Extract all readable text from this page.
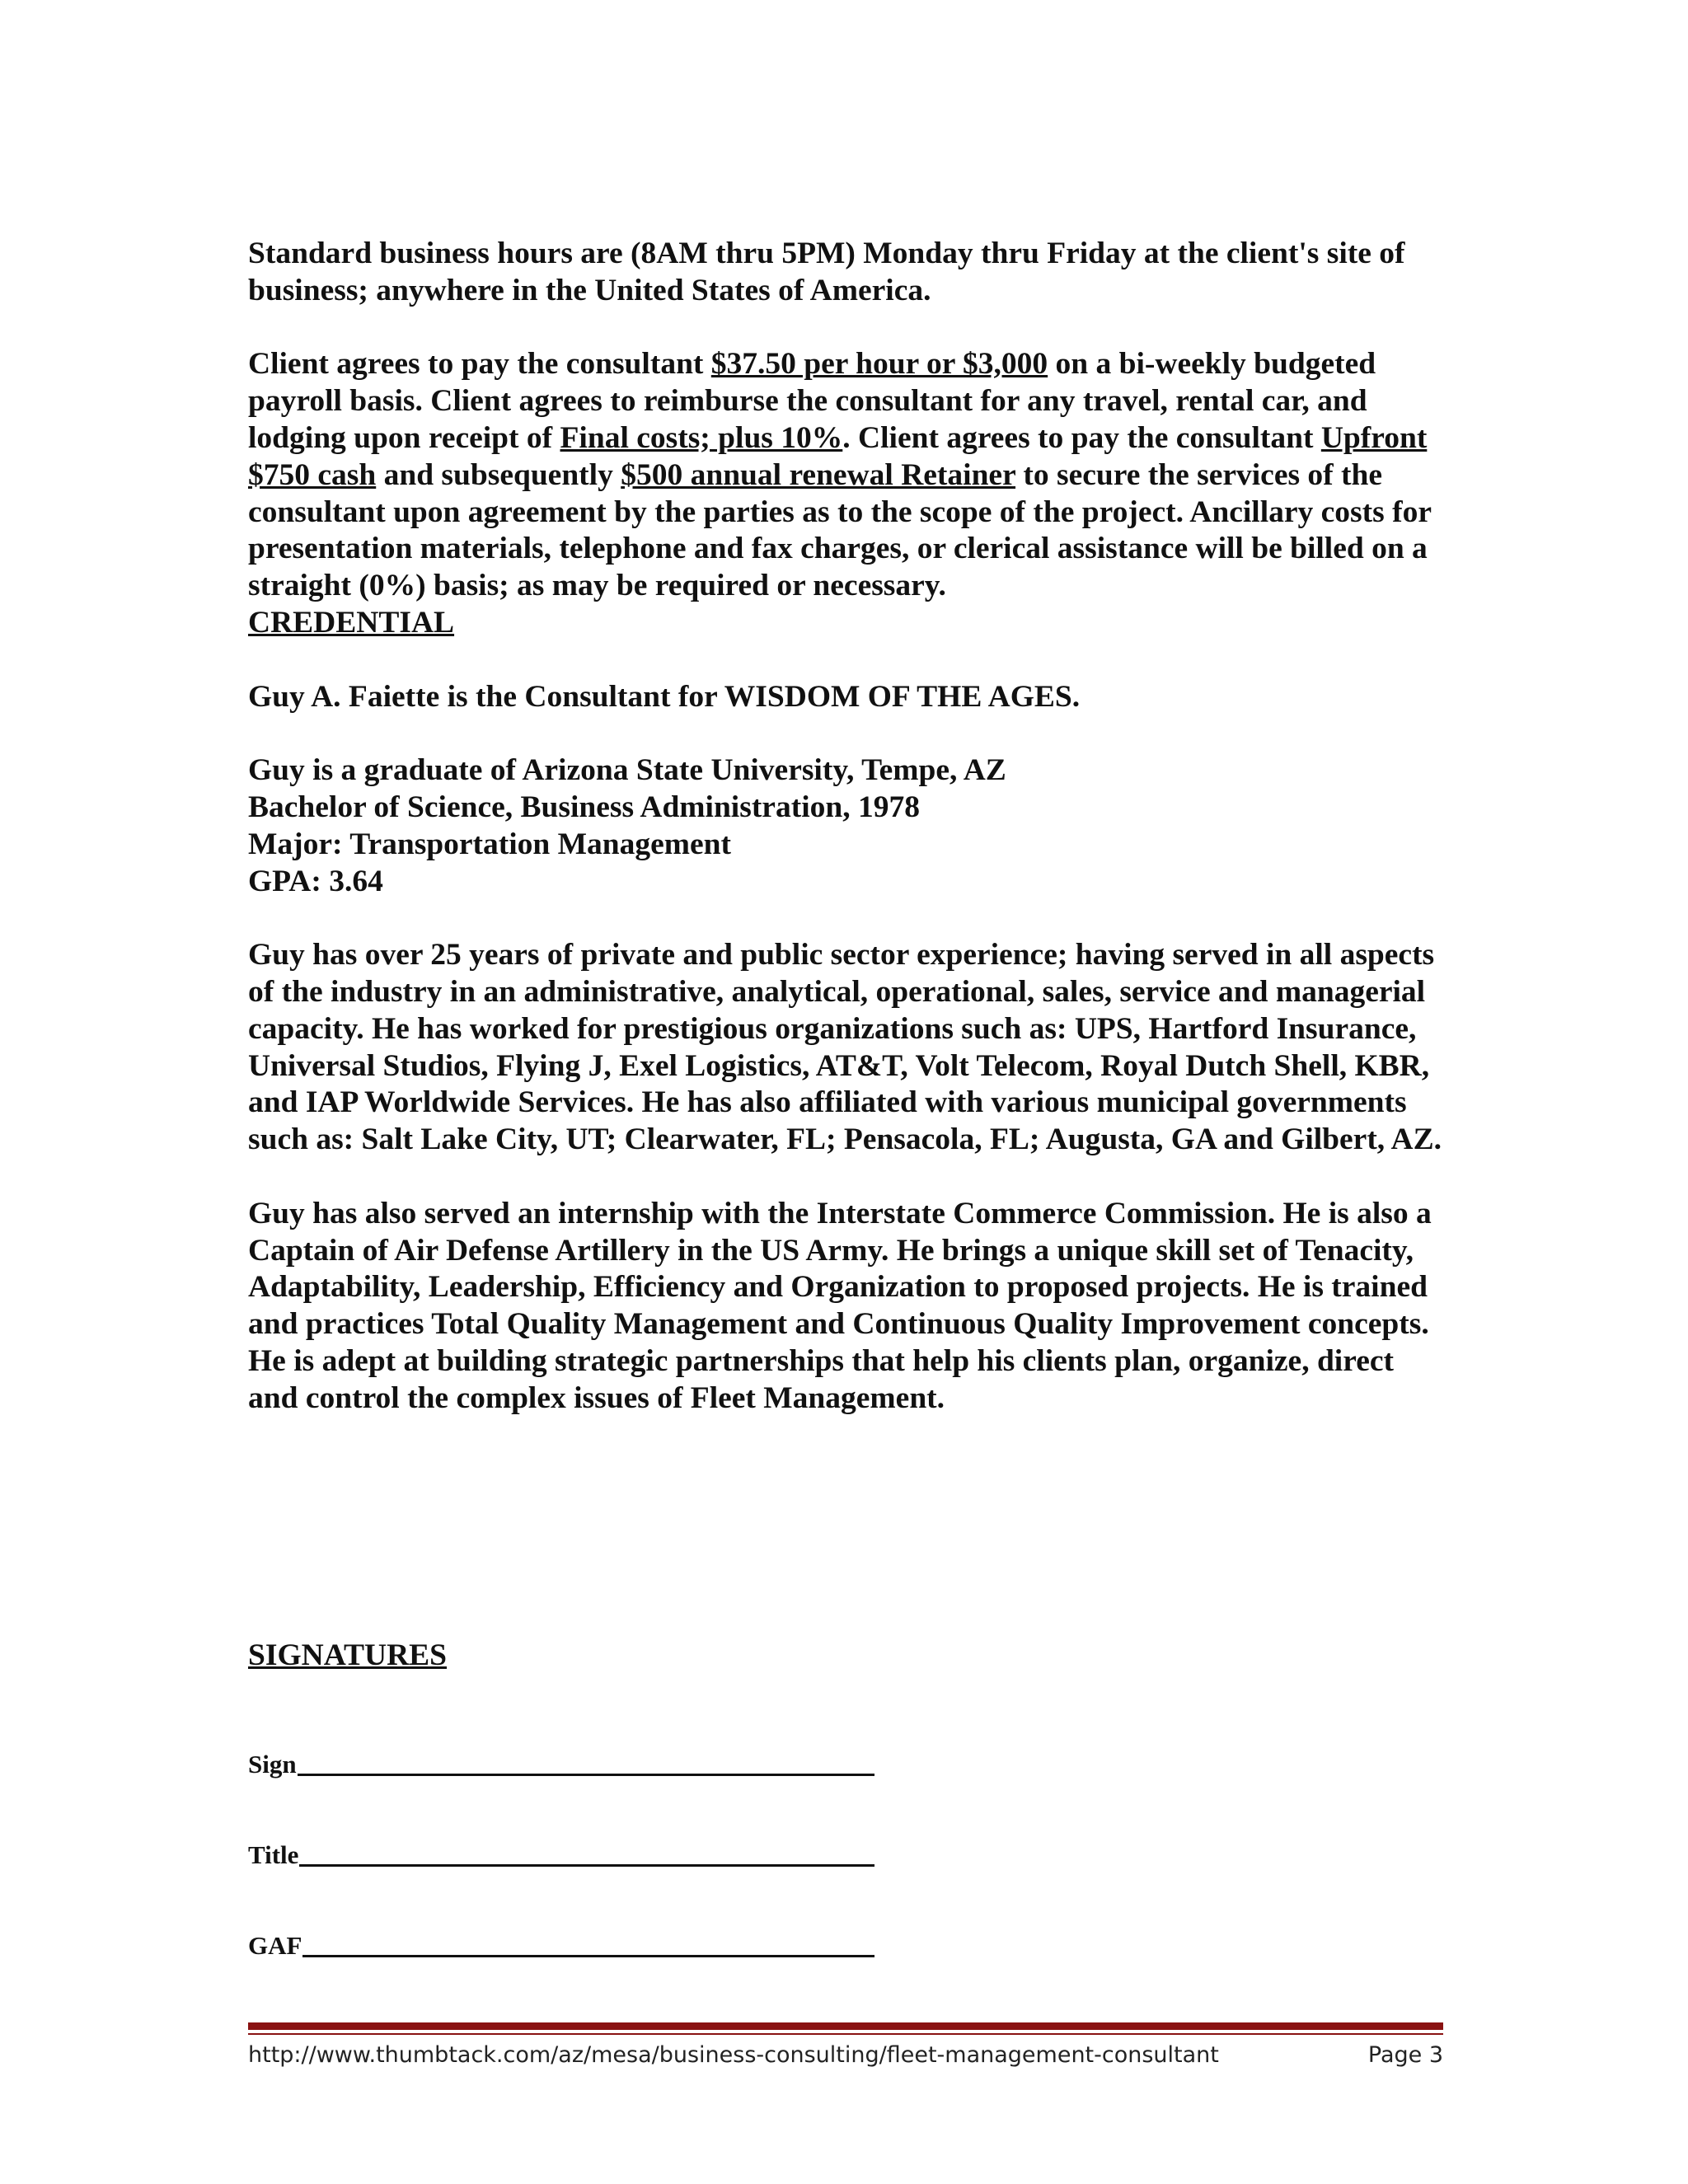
Standard business hours are (8AM thru 5PM) Monday thru Friday at the client's site of business; anywhere in the United States of America.

Client agrees to pay the consultant $37.50 per hour or $3,000 on a bi-weekly budgeted payroll basis. Client agrees to reimburse the consultant for any travel, rental car, and lodging upon receipt of Final costs; plus 10%. Client agrees to pay the consultant Upfront $750 cash and subsequently $500 annual renewal Retainer to secure the services of the consultant upon agreement by the parties as to the scope of the project. Ancillary costs for presentation materials, telephone and fax charges, or clerical assistance will be billed on a straight (0%) basis; as may be required or necessary.

CREDENTIAL

Guy A. Faiette is the Consultant for WISDOM OF THE AGES.

Guy is a graduate of Arizona State University, Tempe, AZ

Bachelor of Science, Business Administration, 1978

Major: Transportation Management

GPA: 3.64

Guy has over 25 years of private and public sector experience; having served in all aspects of the industry in an administrative, analytical, operational, sales, service and managerial capacity. He has worked for prestigious organizations such as: UPS, Hartford Insurance, Universal Studios, Flying J, Exel Logistics, AT&T, Volt Telecom, Royal Dutch Shell, KBR, and IAP Worldwide Services. He has also affiliated with various municipal governments such as: Salt Lake City, UT; Clearwater, FL; Pensacola, FL; Augusta, GA and Gilbert, AZ.

Guy has also served an internship with the Interstate Commerce Commission. He is also a Captain of Air Defense Artillery in the US Army. He brings a unique skill set of Tenacity, Adaptability, Leadership, Efficiency and Organization to proposed projects. He is trained and practices Total Quality Management and Continuous Quality Improvement concepts. He is adept at building strategic partnerships that help his clients plan, organize, direct and control the complex issues of Fleet Management.

SIGNATURES

Sign
Title
GAF
http://www.thumbtack.com/az/mesa/business-consulting/fleet-management-consultant	Page 3
